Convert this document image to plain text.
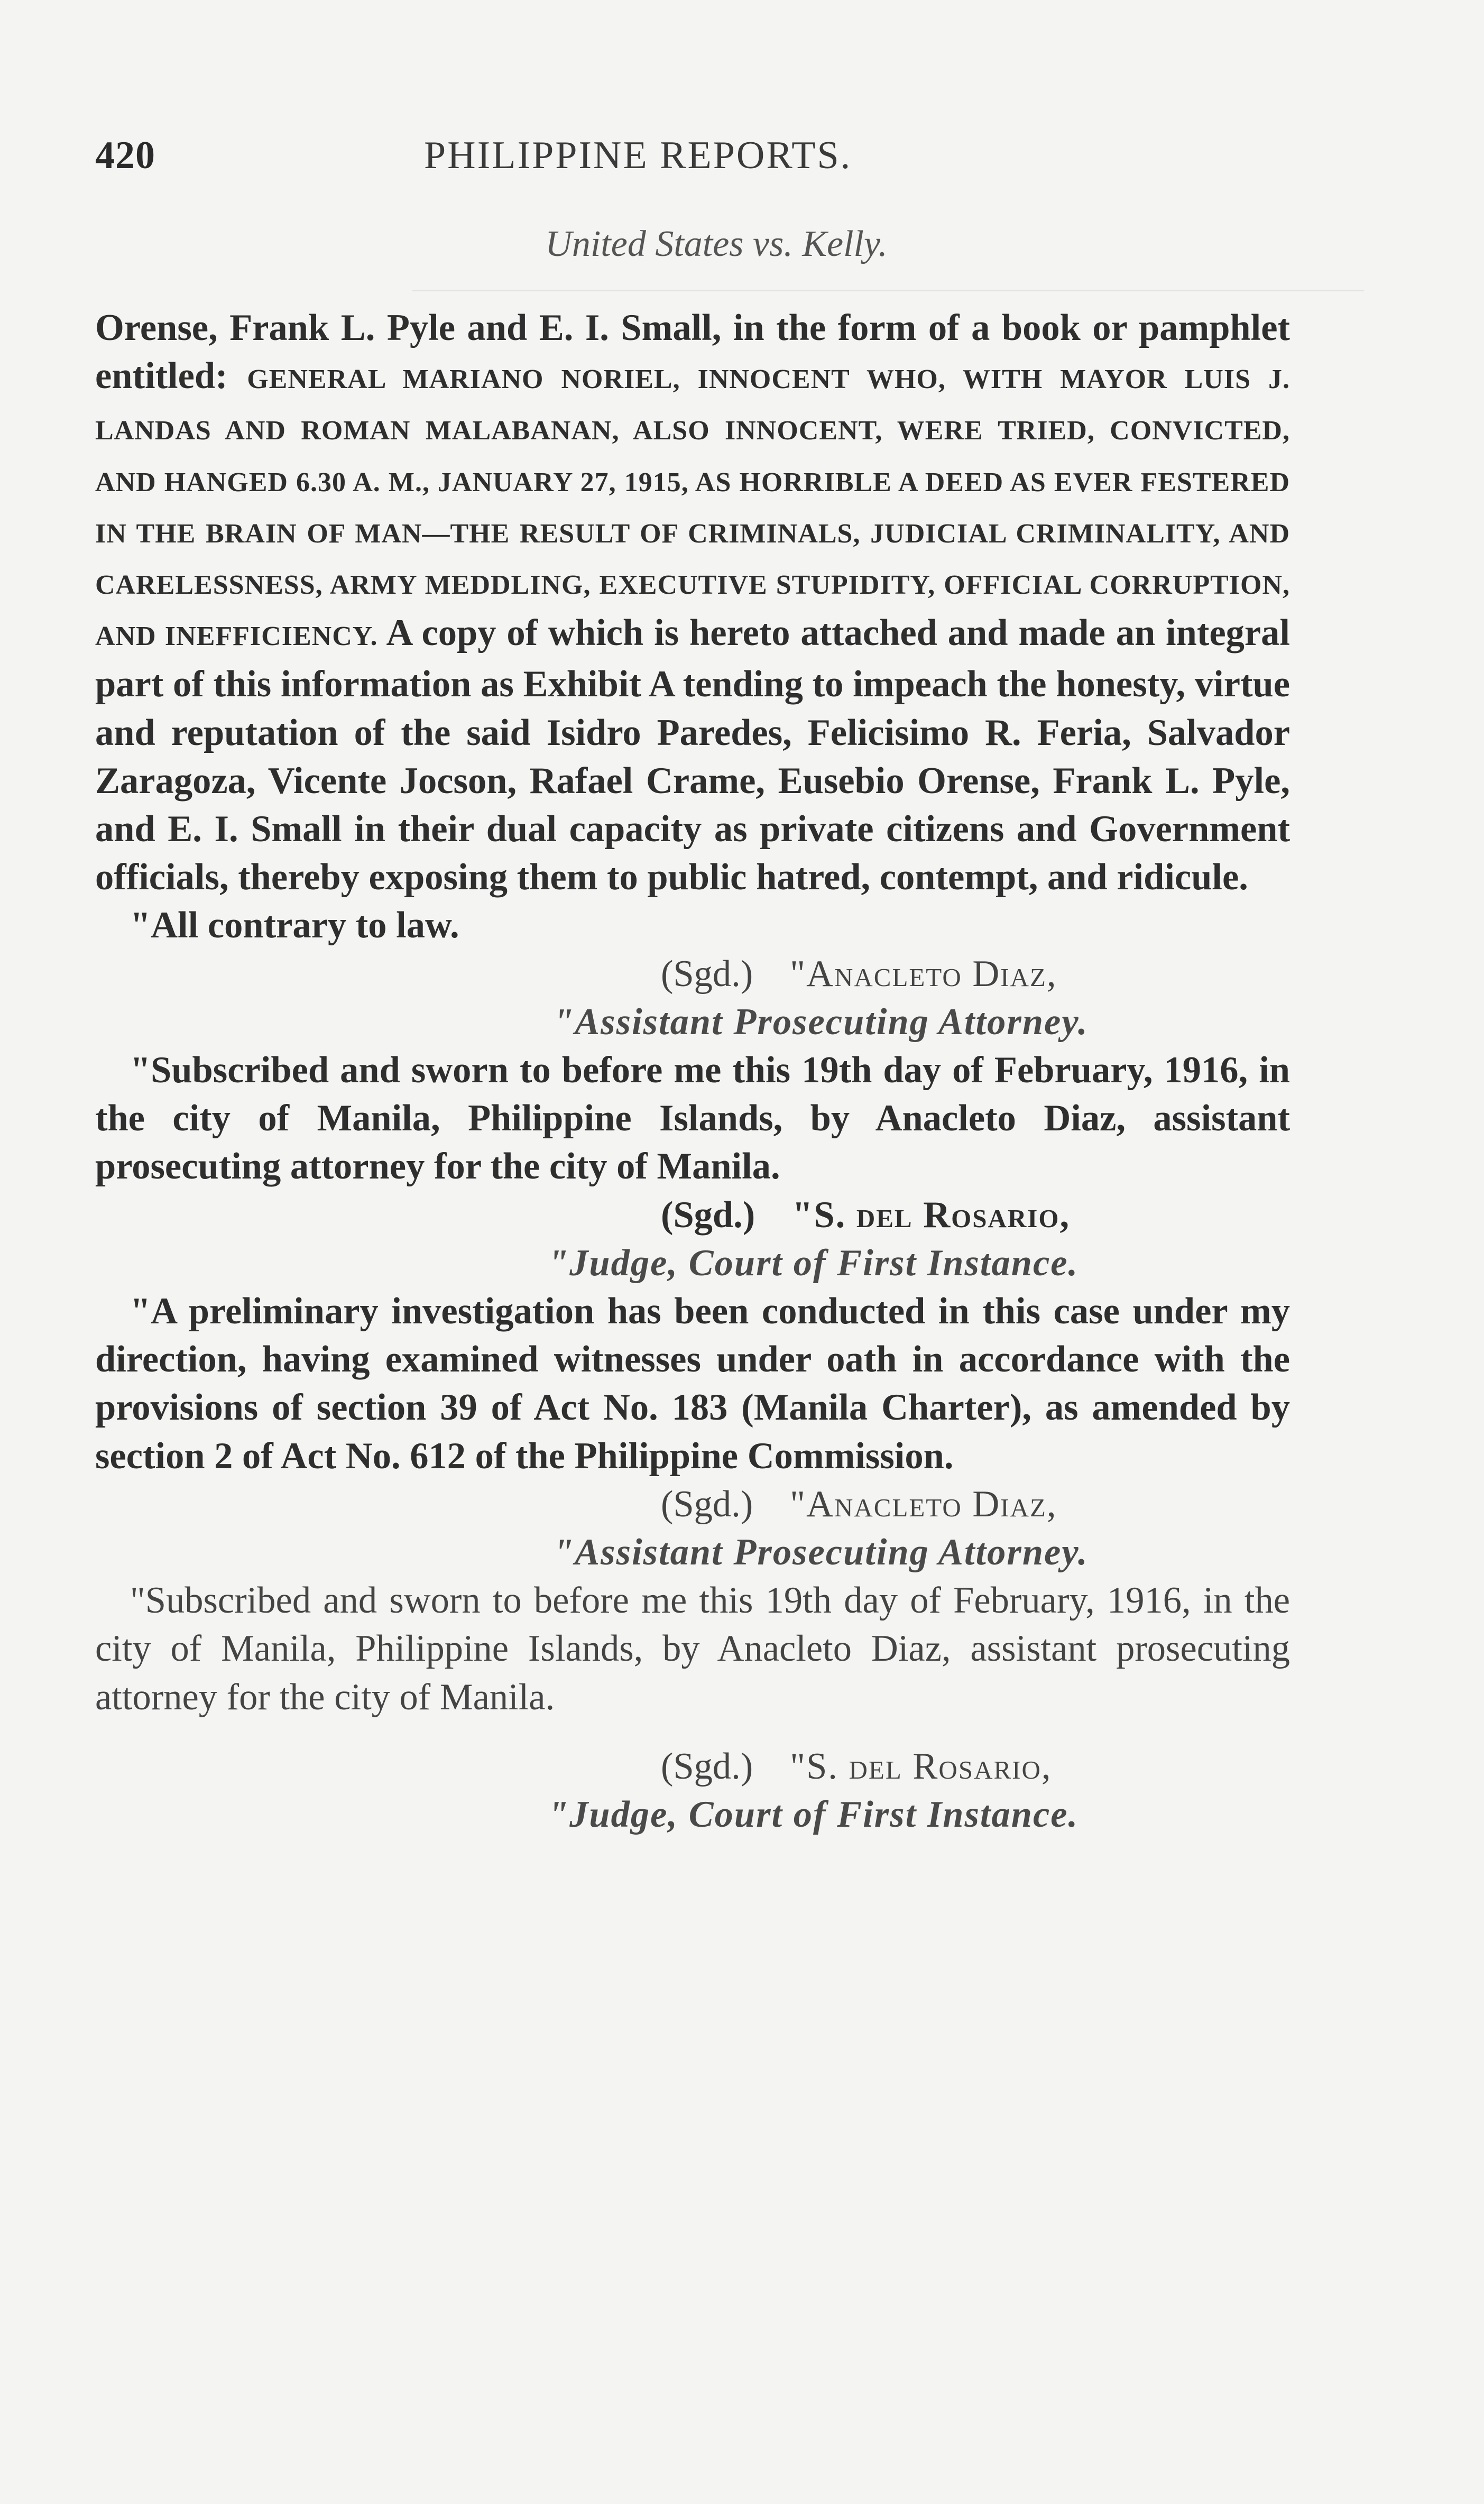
420	PHILIPPINE REPORTS.
United States vs. Kelly.

Orense, Frank L. Pyle and E. I. Small, in the form of a book or pamphlet entitled: GENERAL MARIANO NORIEL, INNOCENT WHO, WITH MAYOR LUIS J. LANDAS AND ROMAN MALABANAN, ALSO INNOCENT, WERE TRIED, CONVICTED, AND HANGED 6.30 A. M., JANUARY 27, 1915, AS HORRIBLE A DEED AS EVER FESTERED IN THE BRAIN OF MAN—THE RESULT OF CRIMINALS, JUDICIAL CRIMINALITY, AND CARELESSNESS, ARMY MEDDLING, EXECUTIVE STUPIDITY, OFFICIAL CORRUPTION, AND INEFFICIENCY. A copy of which is hereto attached and made an integral part of this information as Exhibit A tending to impeach the honesty, virtue and reputation of the said Isidro Paredes, Felicisimo R. Feria, Salvador Zaragoza, Vicente Jocson, Rafael Crame, Eusebio Orense, Frank L. Pyle, and E. I. Small in their dual capacity as private citizens and Government officials, thereby exposing them to public hatred, contempt, and ridicule.

"All contrary to law.

(Sgd.) "Anacleto Diaz,

"Assistant Prosecuting Attorney.

"Subscribed and sworn to before me this 19th day of February, 1916, in the city of Manila, Philippine Islands, by Anacleto Diaz, assistant prosecuting attorney for the city of Manila.

(Sgd.) "S. del Rosario,

"Judge, Court of First Instance.

"A preliminary investigation has been conducted in this case under my direction, having examined witnesses under oath in accordance with the provisions of section 39 of Act No. 183 (Manila Charter), as amended by section 2 of Act No. 612 of the Philippine Commission.

(Sgd.) "Anacleto Diaz,

"Assistant Prosecuting Attorney.

"Subscribed and sworn to before me this 19th day of February, 1916, in the city of Manila, Philippine Islands, by Anacleto Diaz, assistant prosecuting attorney for the city of Manila.

(Sgd.) "S. del Rosario,

"Judge, Court of First Instance.
